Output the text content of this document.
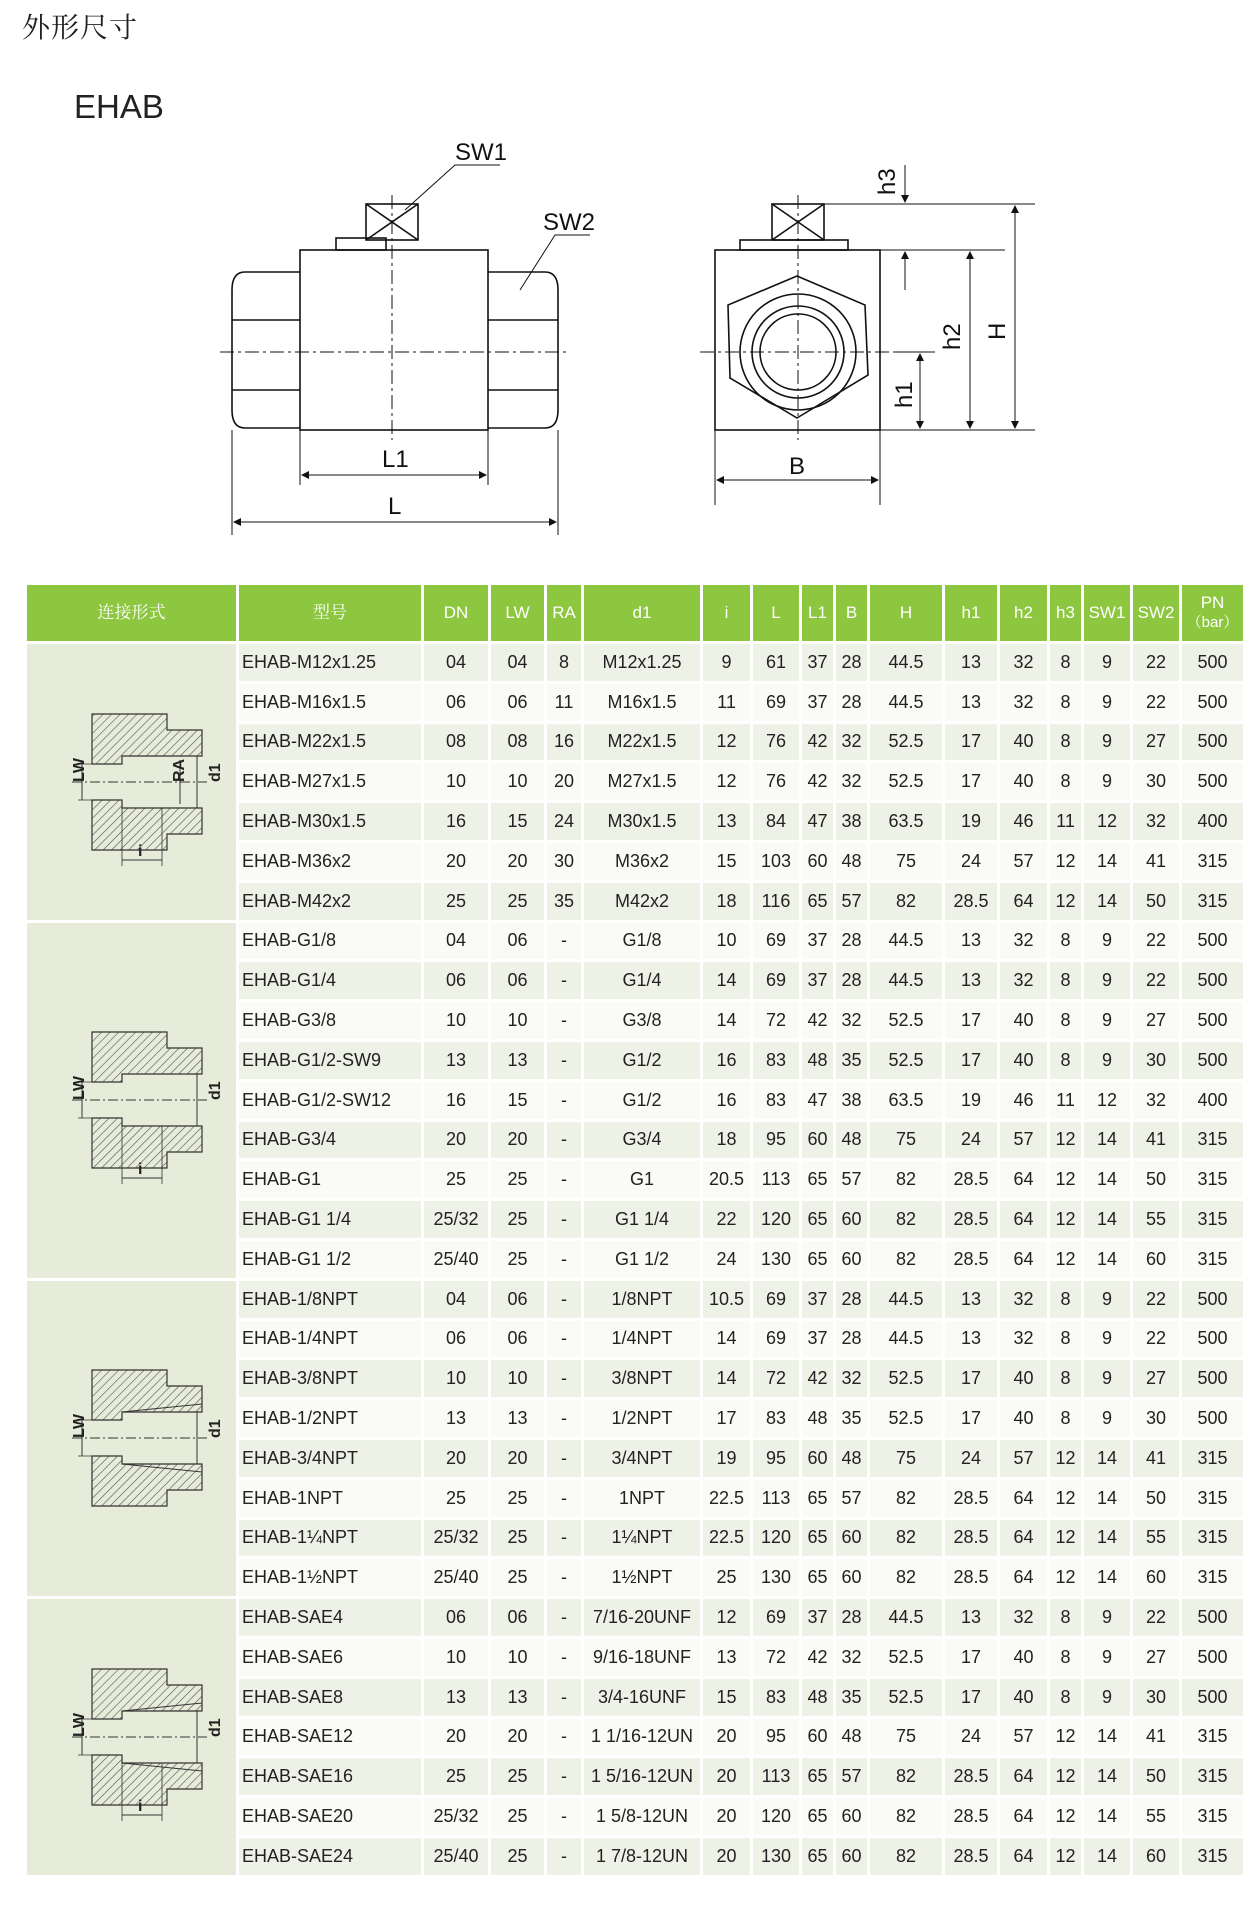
外形尺寸
EHAB
SW1
SW2
L1
L
h3
h2 H
h1
B
连接形式	型号	DN	LW	RA	d1	i	L	L1	B	H	h1	h2	h3	SW1	SW2	PN
（bar）

LW RA d1
i	EHAB-M12x1.25	04	04	8	M12x1.25	9	61	37	28	44.5	13	32	8	9	22	500
	EHAB-M16x1.5	06	06	11	M16x1.5	11	69	37	28	44.5	13	32	8	9	22	500
	EHAB-M22x1.5	08	08	16	M22x1.5	12	76	42	32	52.5	17	40	8	9	27	500
	EHAB-M27x1.5	10	10	20	M27x1.5	12	76	42	32	52.5	17	40	8	9	30	500
	EHAB-M30x1.5	16	15	24	M30x1.5	13	84	47	38	63.5	19	46	11	12	32	400
	EHAB-M36x2	20	20	30	M36x2	15	103	60	48	75	24	57	12	14	41	315
	EHAB-M42x2	25	25	35	M42x2	18	116	65	57	82	28.5	64	12	14	50	315

LW d1
i	EHAB-G1/8	04	06	-	G1/8	10	69	37	28	44.5	13	32	8	9	22	500
	EHAB-G1/4	06	06	-	G1/4	14	69	37	28	44.5	13	32	8	9	22	500
	EHAB-G3/8	10	10	-	G3/8	14	72	42	32	52.5	17	40	8	9	27	500
	EHAB-G1/2-SW9	13	13	-	G1/2	16	83	48	35	52.5	17	40	8	9	30	500
	EHAB-G1/2-SW12	16	15	-	G1/2	16	83	47	38	63.5	19	46	11	12	32	400
	EHAB-G3/4	20	20	-	G3/4	18	95	60	48	75	24	57	12	14	41	315
	EHAB-G1	25	25	-	G1	20.5	113	65	57	82	28.5	64	12	14	50	315
	EHAB-G1 1/4	25/32	25	-	G1 1/4	22	120	65	60	82	28.5	64	12	14	55	315
	EHAB-G1 1/2	25/40	25	-	G1 1/2	24	130	65	60	82	28.5	64	12	14	60	315

LW d1	EHAB-1/8NPT	04	06	-	1/8NPT	10.5	69	37	28	44.5	13	32	8	9	22	500
	EHAB-1/4NPT	06	06	-	1/4NPT	14	69	37	28	44.5	13	32	8	9	22	500
	EHAB-3/8NPT	10	10	-	3/8NPT	14	72	42	32	52.5	17	40	8	9	27	500
	EHAB-1/2NPT	13	13	-	1/2NPT	17	83	48	35	52.5	17	40	8	9	30	500
	EHAB-3/4NPT	20	20	-	3/4NPT	19	95	60	48	75	24	57	12	14	41	315
	EHAB-1NPT	25	25	-	1NPT	22.5	113	65	57	82	28.5	64	12	14	50	315
	EHAB-1¼NPT	25/32	25	-	1¼NPT	22.5	120	65	60	82	28.5	64	12	14	55	315
	EHAB-1½NPT	25/40	25	-	1½NPT	25	130	65	60	82	28.5	64	12	14	60	315

LW d1
i	EHAB-SAE4	06	06	-	7/16-20UNF	12	69	37	28	44.5	13	32	8	9	22	500
	EHAB-SAE6	10	10	-	9/16-18UNF	13	72	42	32	52.5	17	40	8	9	27	500
	EHAB-SAE8	13	13	-	3/4-16UNF	15	83	48	35	52.5	17	40	8	9	30	500
	EHAB-SAE12	20	20	-	1 1/16-12UN	20	95	60	48	75	24	57	12	14	41	315
	EHAB-SAE16	25	25	-	1 5/16-12UN	20	113	65	57	82	28.5	64	12	14	50	315
	EHAB-SAE20	25/32	25	-	1 5/8-12UN	20	120	65	60	82	28.5	64	12	14	55	315
	EHAB-SAE24	25/40	25	-	1 7/8-12UN	20	130	65	60	82	28.5	64	12	14	60	315
